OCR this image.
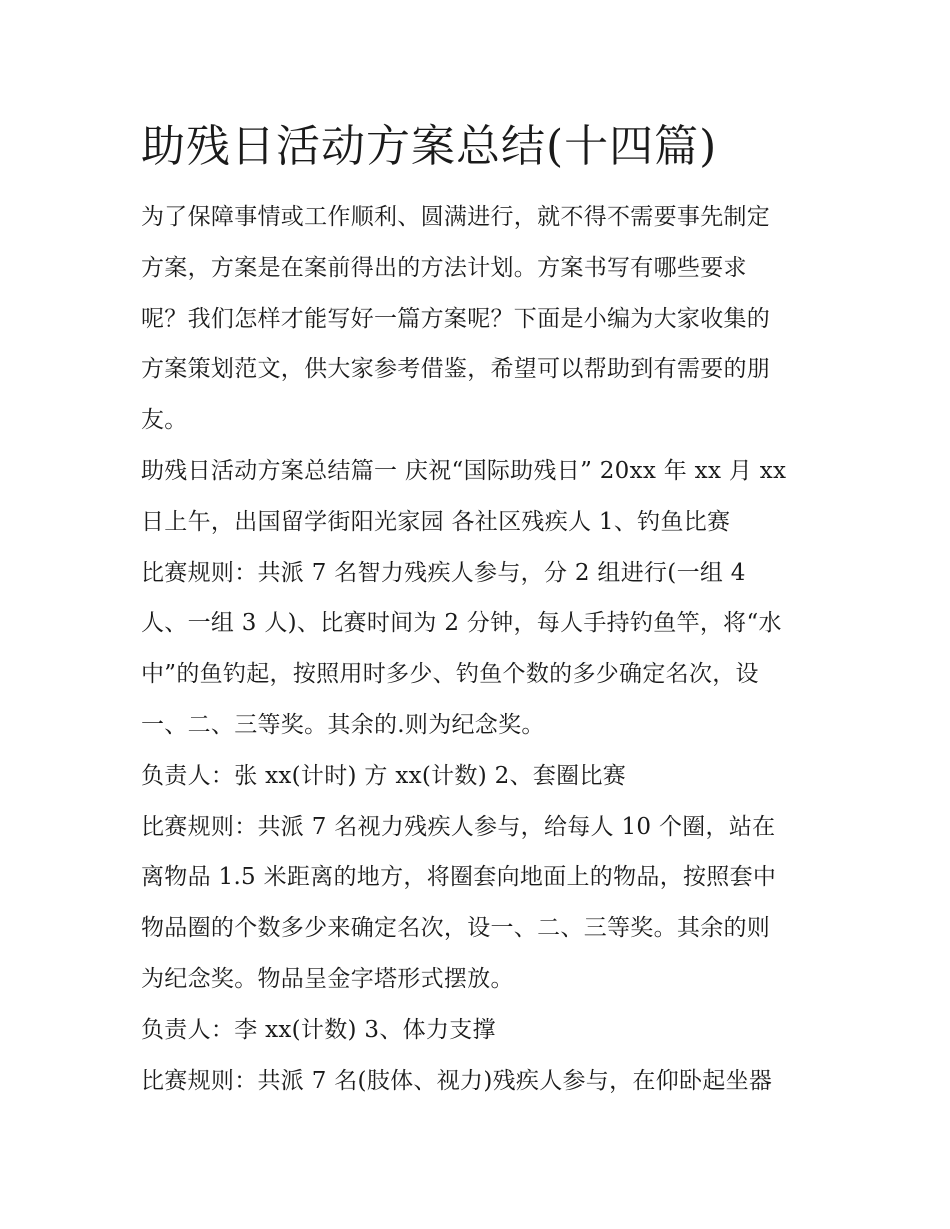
助残日活动方案总结(十四篇)
为了保障事情或工作顺利、圆满进行，就不得不需要事先制定
方案，方案是在案前得出的方法计划。方案书写有哪些要求
呢？我们怎样才能写好一篇方案呢？下面是小编为大家收集的
方案策划范文，供大家参考借鉴，希望可以帮助到有需要的朋
友。
助残日活动方案总结篇一 庆祝“国际助残日” 20xx 年 xx 月 xx
日上午，出国留学街阳光家园 各社区残疾人 1、钓鱼比赛
比赛规则：共派 7 名智力残疾人参与，分 2 组进行(一组 4
人、一组 3 人)、比赛时间为 2 分钟，每人手持钓鱼竿，将“水
中”的鱼钓起，按照用时多少、钓鱼个数的多少确定名次，设
一、二、三等奖。其余的.则为纪念奖。
负责人：张 xx(计时) 方 xx(计数) 2、套圈比赛
比赛规则：共派 7 名视力残疾人参与，给每人 10 个圈，站在
离物品 1.5 米距离的地方，将圈套向地面上的物品，按照套中
物品圈的个数多少来确定名次，设一、二、三等奖。其余的则
为纪念奖。物品呈金字塔形式摆放。
负责人：李 xx(计数) 3、体力支撑
比赛规则：共派 7 名(肢体、视力)残疾人参与，在仰卧起坐器
